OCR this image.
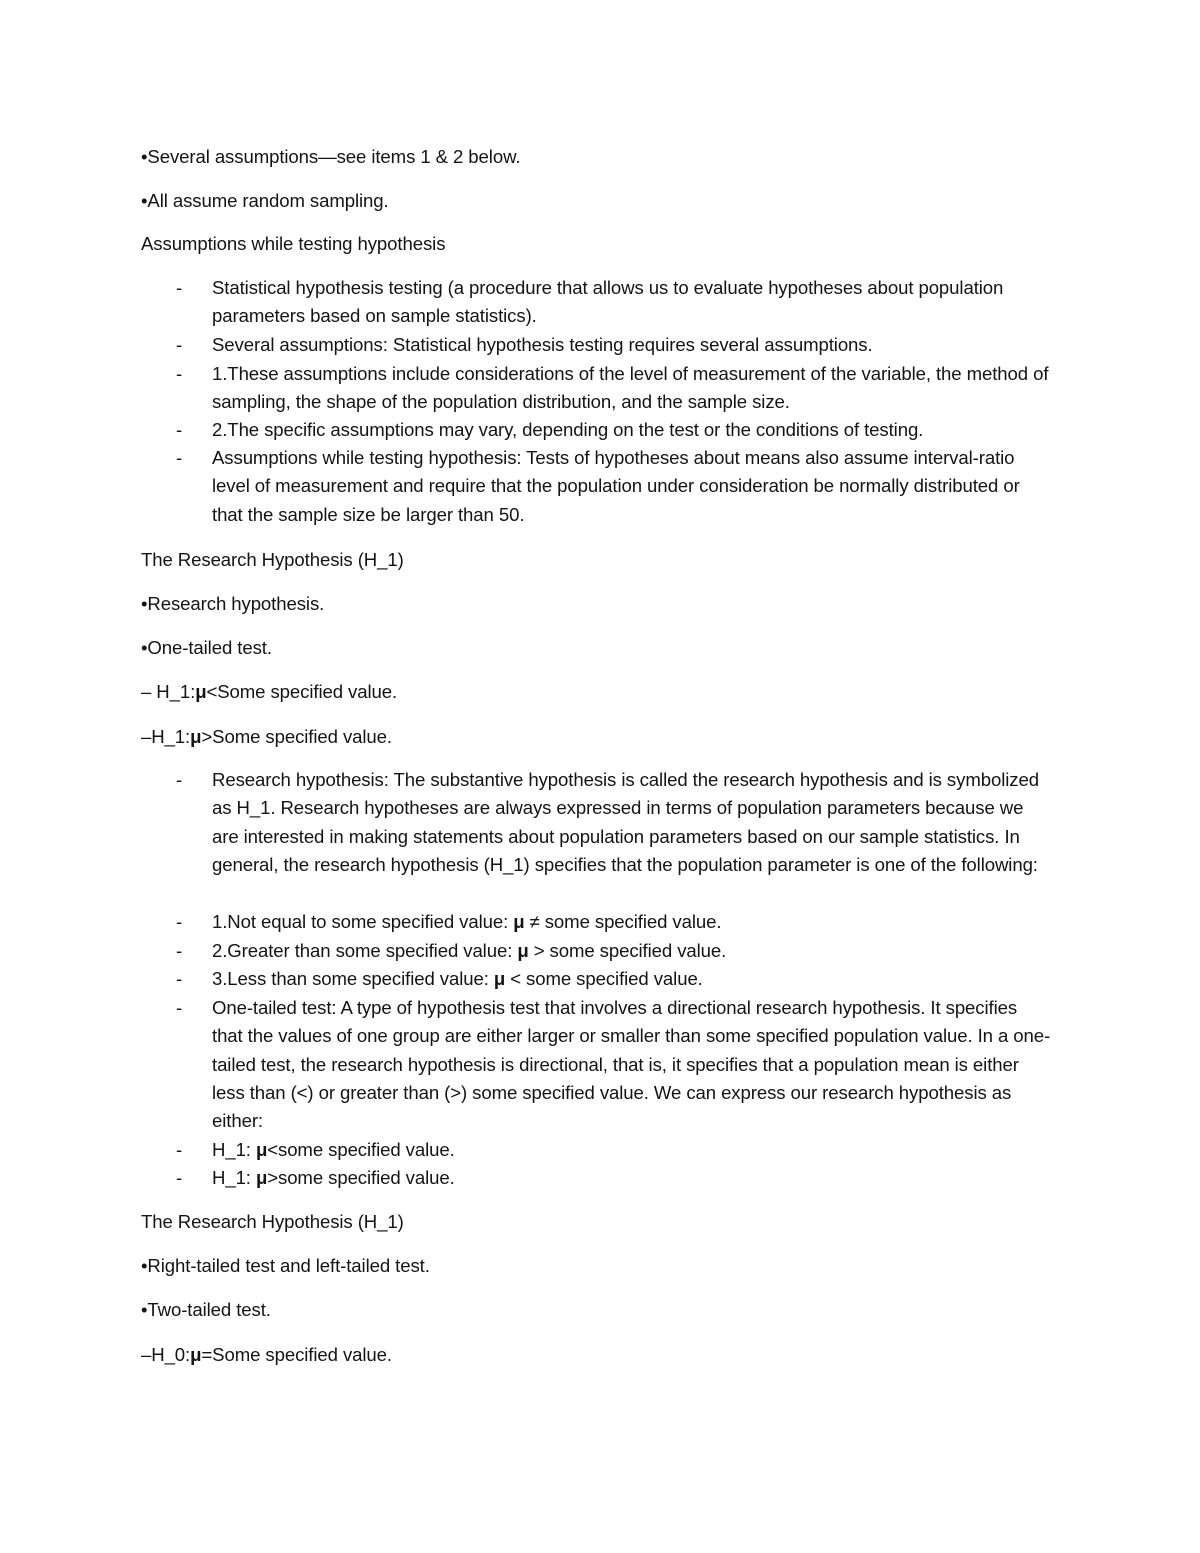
•Several assumptions—see items 1 & 2 below.
•All assume random sampling.
Assumptions while testing hypothesis
-	Statistical hypothesis testing (a procedure that allows us to evaluate hypotheses about population parameters based on sample statistics).
-	Several assumptions: Statistical hypothesis testing requires several assumptions.
-	1.These assumptions include considerations of the level of measurement of the variable, the method of sampling, the shape of the population distribution, and the sample size.
-	2.The specific assumptions may vary, depending on the test or the conditions of testing.
-	Assumptions while testing hypothesis: Tests of hypotheses about means also assume interval-ratio level of measurement and require that the population under consideration be normally distributed or that the sample size be larger than 50.
The Research Hypothesis (H_1)
•Research hypothesis.
•One-tailed test.
– H_1:μ<Some specified value.
–H_1:μ>Some specified value.
-	Research hypothesis: The substantive hypothesis is called the research hypothesis and is symbolized as H_1. Research hypotheses are always expressed in terms of population parameters because we are interested in making statements about population parameters based on our sample statistics. In general, the research hypothesis (H_1) specifies that the population parameter is one of the following:
-	1.Not equal to some specified value: μ ≠ some specified value.
-	2.Greater than some specified value: μ > some specified value.
-	3.Less than some specified value: μ < some specified value.
-	One-tailed test: A type of hypothesis test that involves a directional research hypothesis. It specifies that the values of one group are either larger or smaller than some specified population value. In a one-tailed test, the research hypothesis is directional, that is, it specifies that a population mean is either less than (<) or greater than (>) some specified value. We can express our research hypothesis as either:
-	H_1: μ<some specified value.
-	H_1: μ>some specified value.
The Research Hypothesis (H_1)
•Right-tailed test and left-tailed test.
•Two-tailed test.
–H_0:μ=Some specified value.
